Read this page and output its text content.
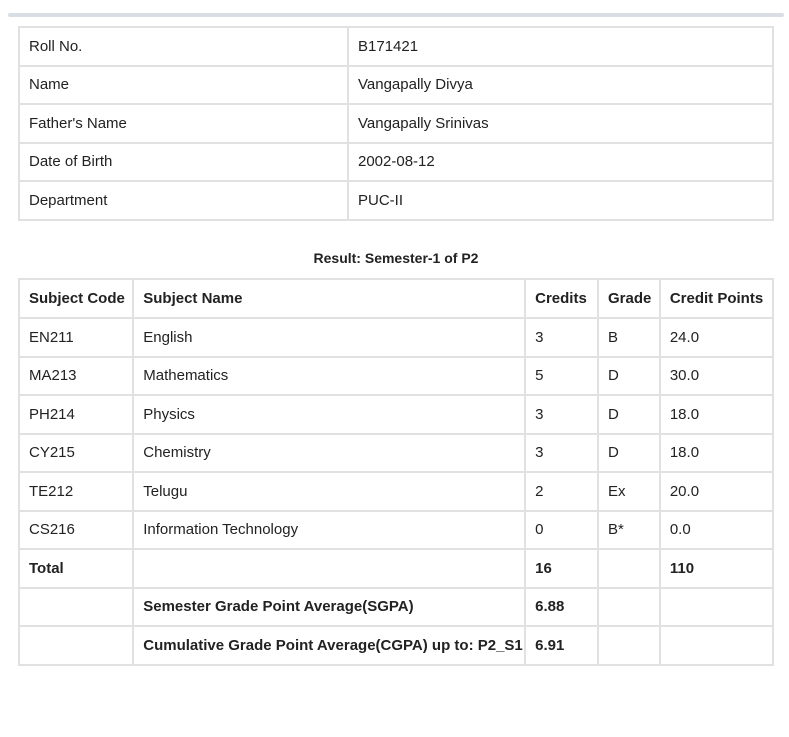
Roll No.	B171421
Name	Vangapally Divya
Father's Name	Vangapally Srinivas
Date of Birth	2002-08-12
Department	PUC-II
Result: Semester-1 of P2
Subject Code	Subject Name	Credits	Grade	Credit Points
EN211	English	3	B	24.0
MA213	Mathematics	5	D	30.0
PH214	Physics	3	D	18.0
CY215	Chemistry	3	D	18.0
TE212	Telugu	2	Ex	20.0
CS216	Information Technology	0	B*	0.0
Total		16		110
	Semester Grade Point Average(SGPA)	6.88		
	Cumulative Grade Point Average(CGPA) up to: P2_S1	6.91		
